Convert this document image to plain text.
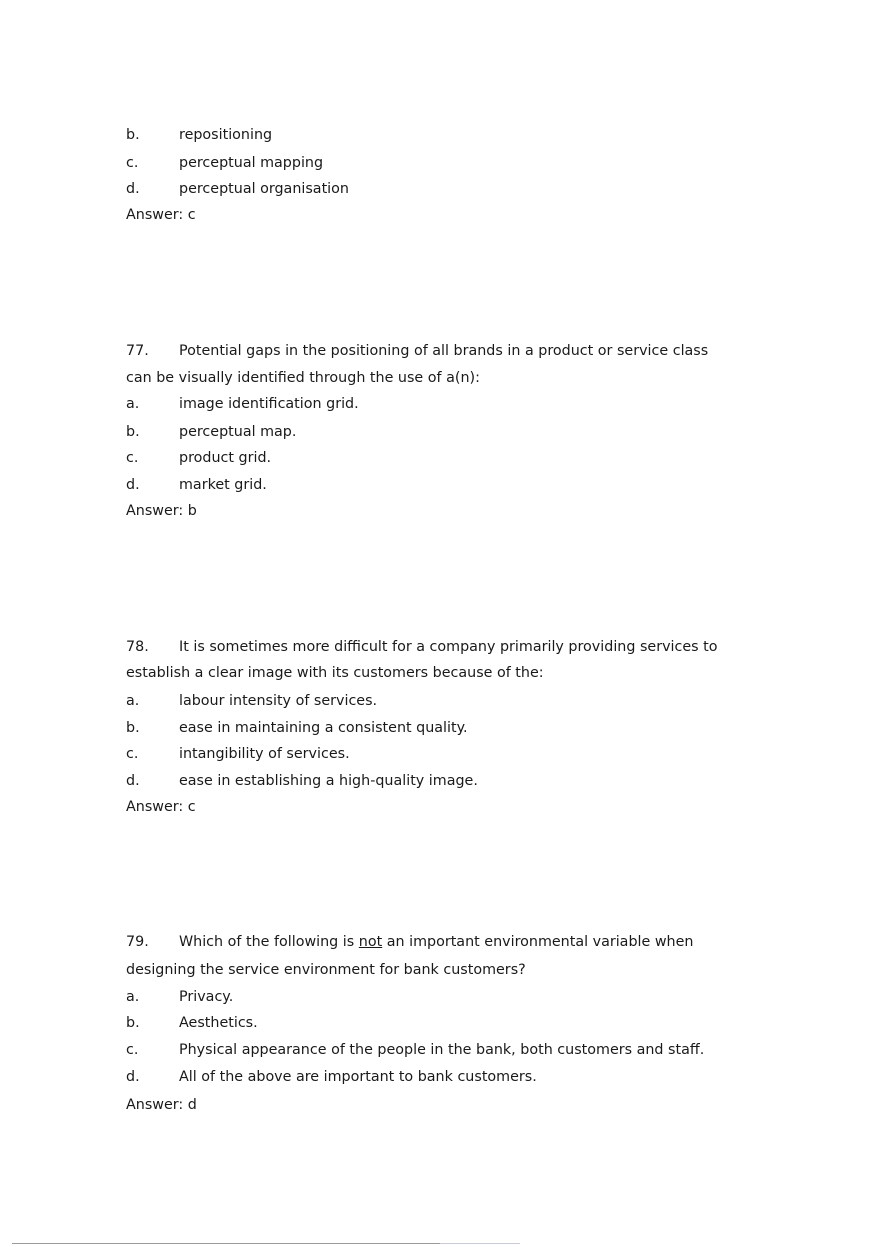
b.	repositioning
c.	perceptual mapping
d.	perceptual organisation
Answer: c
77. Potential gaps in the positioning of all brands in a product or service class
can be visually identified through the use of a(n):
a.	image identification grid.
b.	perceptual map.
c.	product grid.
d.	market grid.
Answer: b
78. It is sometimes more difficult for a company primarily providing services to
establish a clear image with its customers because of the:
a.	labour intensity of services.
b.	ease in maintaining a consistent quality.
c.	intangibility of services.
d.	ease in establishing a high-quality image.
Answer: c
79. Which of the following is not an important environmental variable when
designing the service environment for bank customers?
a.	Privacy.
b.	Aesthetics.
c.	Physical appearance of the people in the bank, both customers and staff.
d.	All of the above are important to bank customers.
Answer: d
